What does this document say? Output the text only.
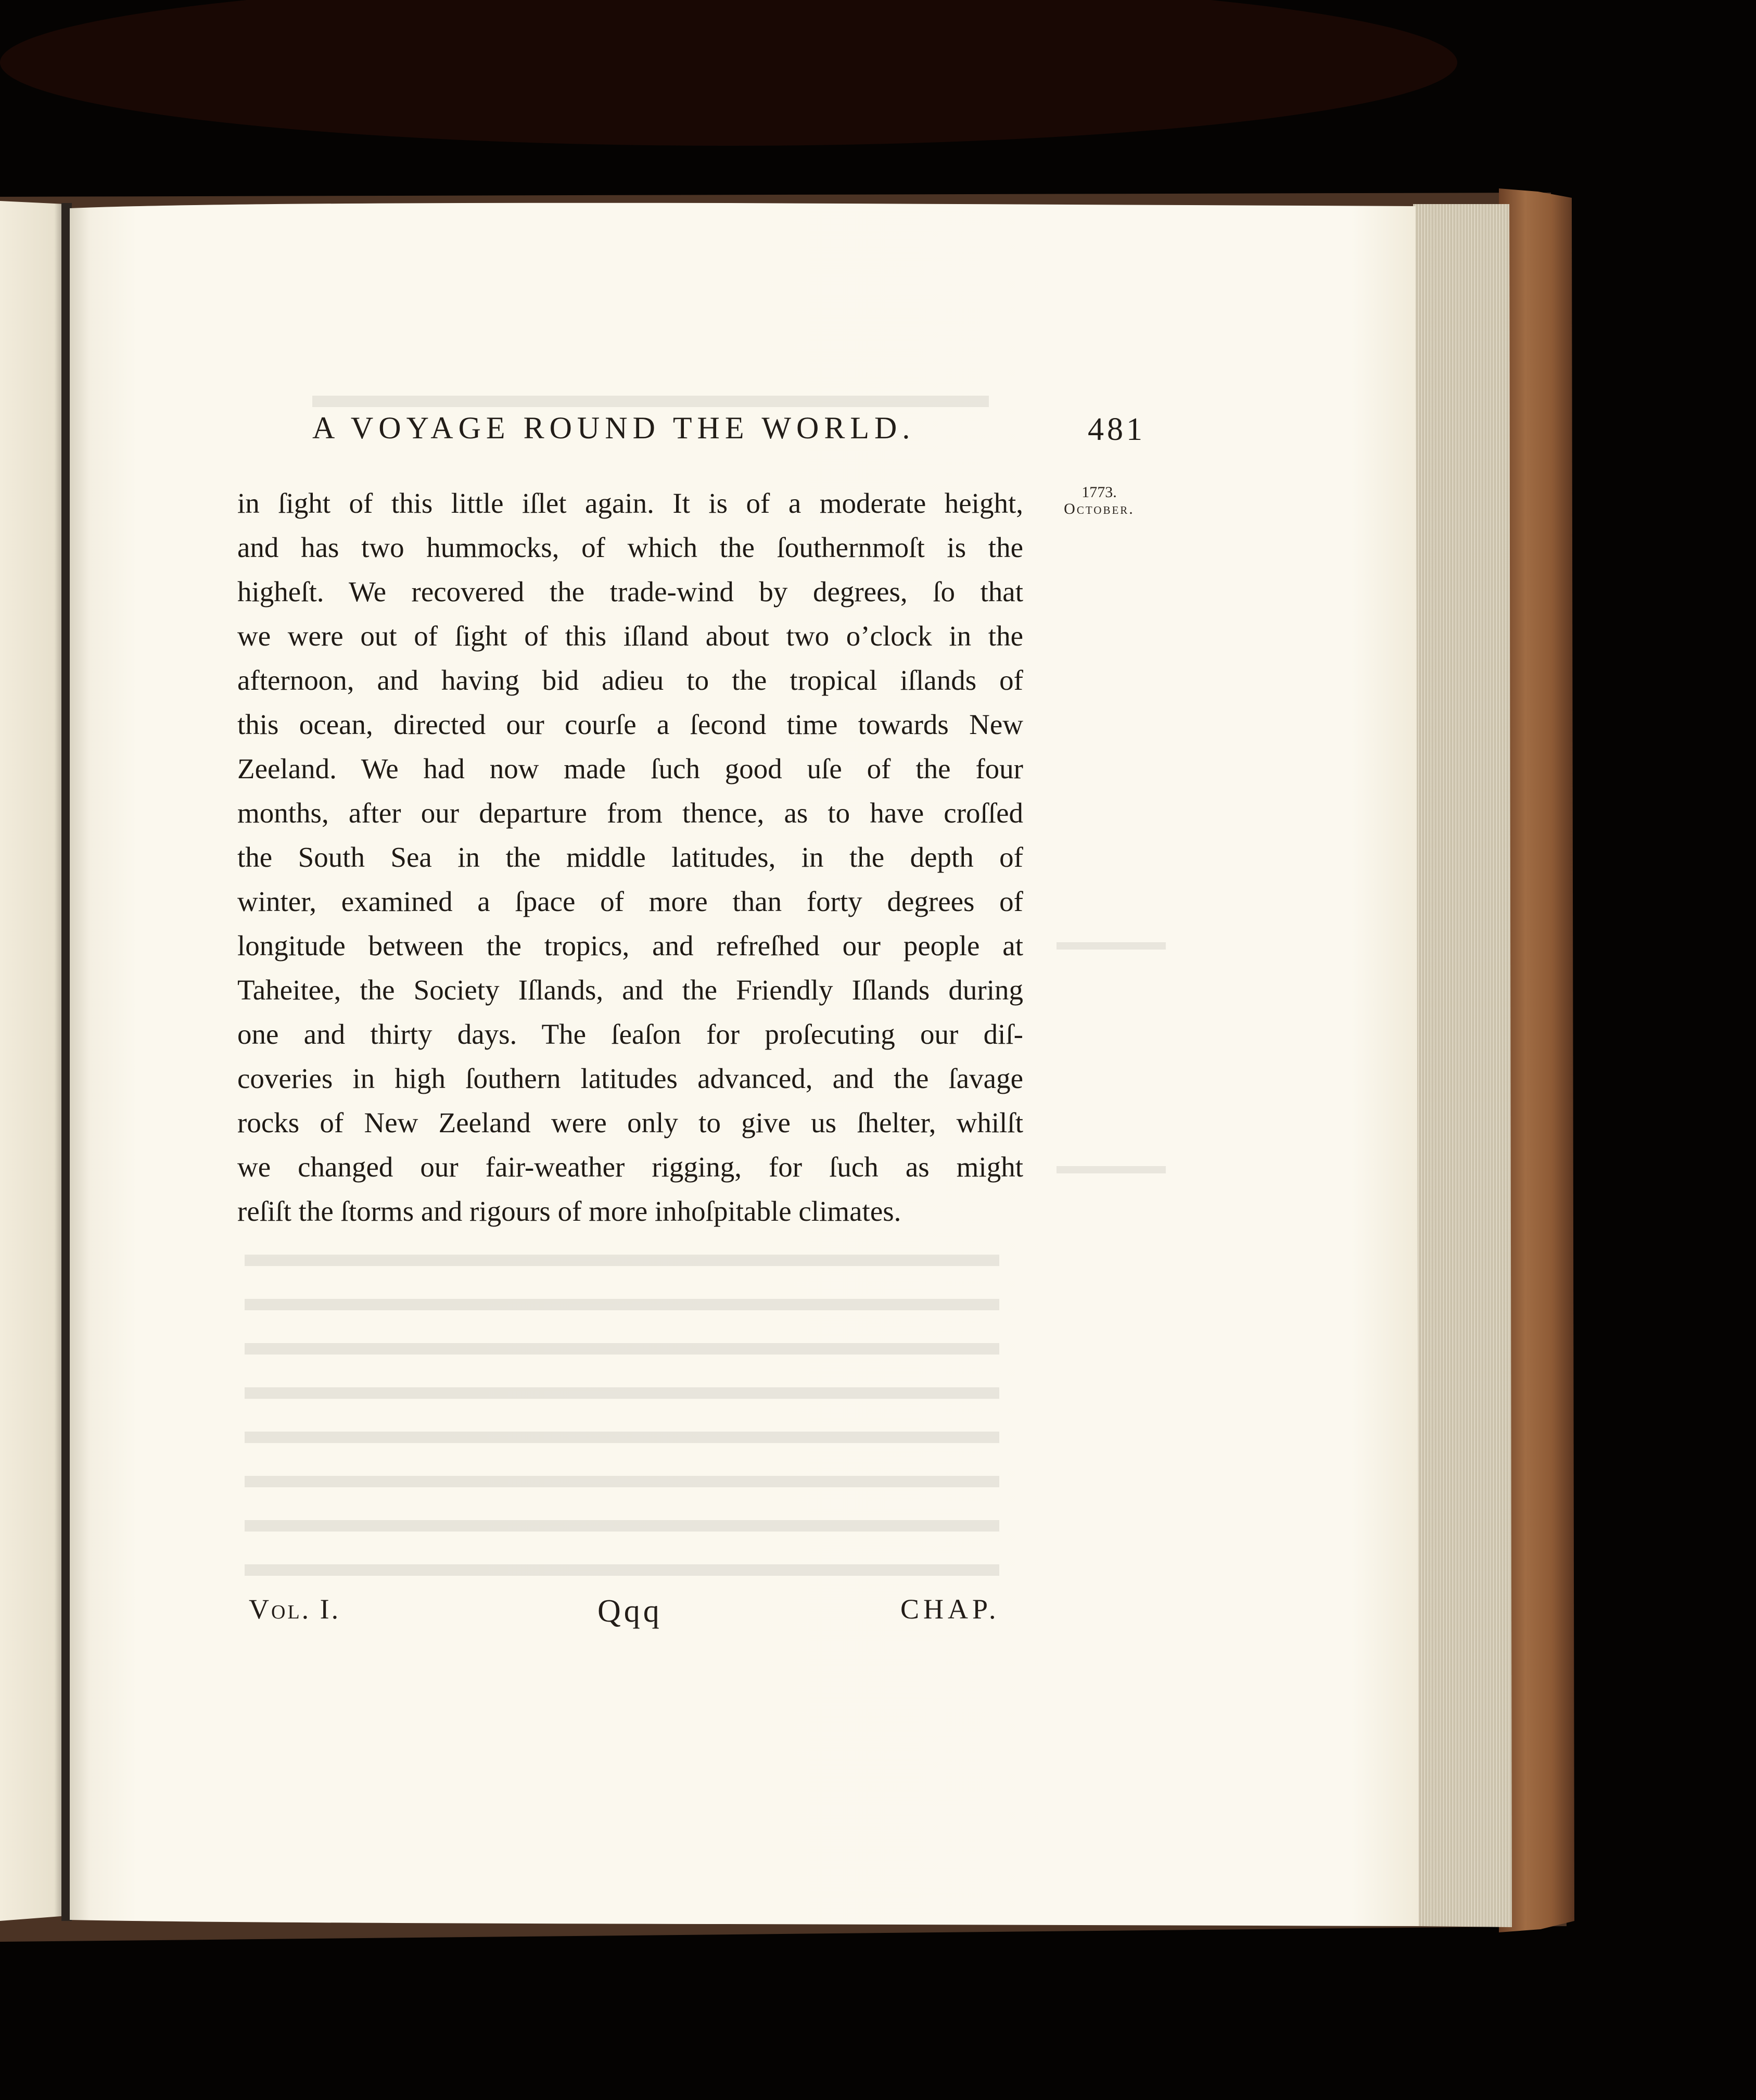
A VOYAGE ROUND THE WORLD.	481
1773.
October.
in ſight of this little iſlet again. It is of a moderate height,
and has two hummocks, of which the ſouthernmoſt is the
higheſt. We recovered the trade-wind by degrees, ſo that
we were out of ſight of this iſland about two o’clock in the
afternoon, and having bid adieu to the tropical iſlands of
this ocean, directed our courſe a ſecond time towards New
Zeeland. We had now made ſuch good uſe of the four
months, after our departure from thence, as to have croſſed
the South Sea in the middle latitudes, in the depth of
winter, examined a ſpace of more than forty degrees of
longitude between the tropics, and refreſhed our people at
Taheitee, the Society Iſlands, and the Friendly Iſlands during
one and thirty days. The ſeaſon for proſecuting our diſ-
coveries in high ſouthern latitudes advanced, and the ſavage
rocks of New Zeeland were only to give us ſhelter, whilſt
we changed our fair-weather rigging, for ſuch as might
reſiſt the ſtorms and rigours of more inhoſpitable climates.
Vol. I.	Qqq	CHAP.
